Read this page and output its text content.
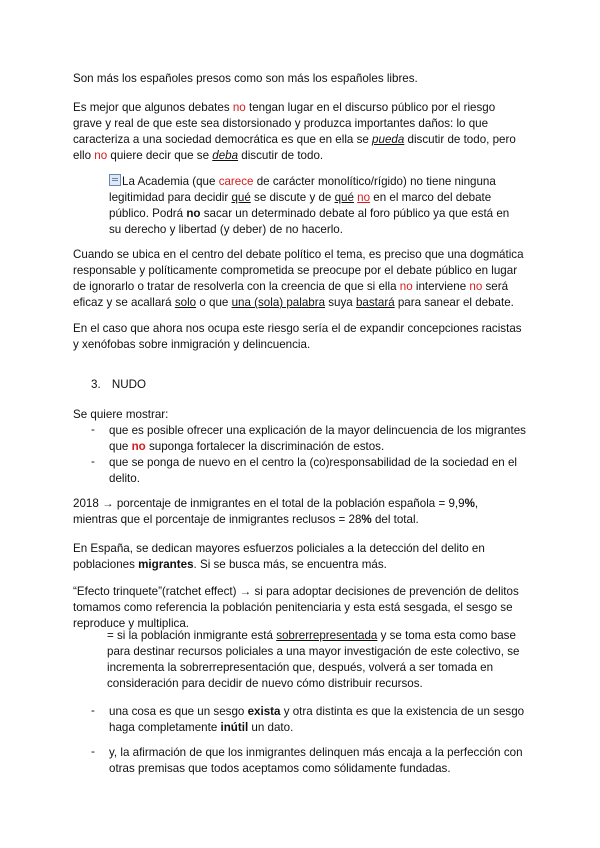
Son más los españoles presos como son más los españoles libres.

Es mejor que algunos debates no tengan lugar en el discurso público por el riesgo grave y real de que este sea distorsionado y produzca importantes daños: lo que caracteriza a una sociedad democrática es que en ella se pueda discutir de todo, pero ello no quiere decir que se deba discutir de todo.

La Academia (que carece de carácter monolítico/rígido) no tiene ninguna legitimidad para decidir qué se discute y de qué no en el marco del debate público. Podrá no sacar un determinado debate al foro público ya que está en su derecho y libertad (y deber) de no hacerlo.

Cuando se ubica en el centro del debate político el tema, es preciso que una dogmática responsable y políticamente comprometida se preocupe por el debate público en lugar de ignorarlo o tratar de resolverla con la creencia de que si ella no interviene no será eficaz y se acallará solo o que una (sola) palabra suya bastará para sanear el debate.

En el caso que ahora nos ocupa este riesgo sería el de expandir concepciones racistas y xenófobas sobre inmigración y delincuencia.

3. NUDO

Se quiere mostrar:

- que es posible ofrecer una explicación de la mayor delincuencia de los migrantes que no suponga fortalecer la discriminación de estos.

- que se ponga de nuevo en el centro la (co)responsabilidad de la sociedad en el delito.

2018 → porcentaje de inmigrantes en el total de la población española = 9,9%, mientras que el porcentaje de inmigrantes reclusos = 28% del total.

En España, se dedican mayores esfuerzos policiales a la detección del delito en poblaciones migrantes. Si se busca más, se encuentra más.

“Efecto trinquete”(ratchet effect) → si para adoptar decisiones de prevención de delitos tomamos como referencia la población penitenciaria y esta está sesgada, el sesgo se reproduce y multiplica.

= si la población inmigrante está sobrerrepresentada y se toma esta como base para destinar recursos policiales a una mayor investigación de este colectivo, se incrementa la sobrerrepresentación que, después, volverá a ser tomada en consideración para decidir de nuevo cómo distribuir recursos.

- una cosa es que un sesgo exista y otra distinta es que la existencia de un sesgo haga completamente inútil un dato.

- y, la afirmación de que los inmigrantes delinquen más encaja a la perfección con otras premisas que todos aceptamos como sólidamente fundadas.
